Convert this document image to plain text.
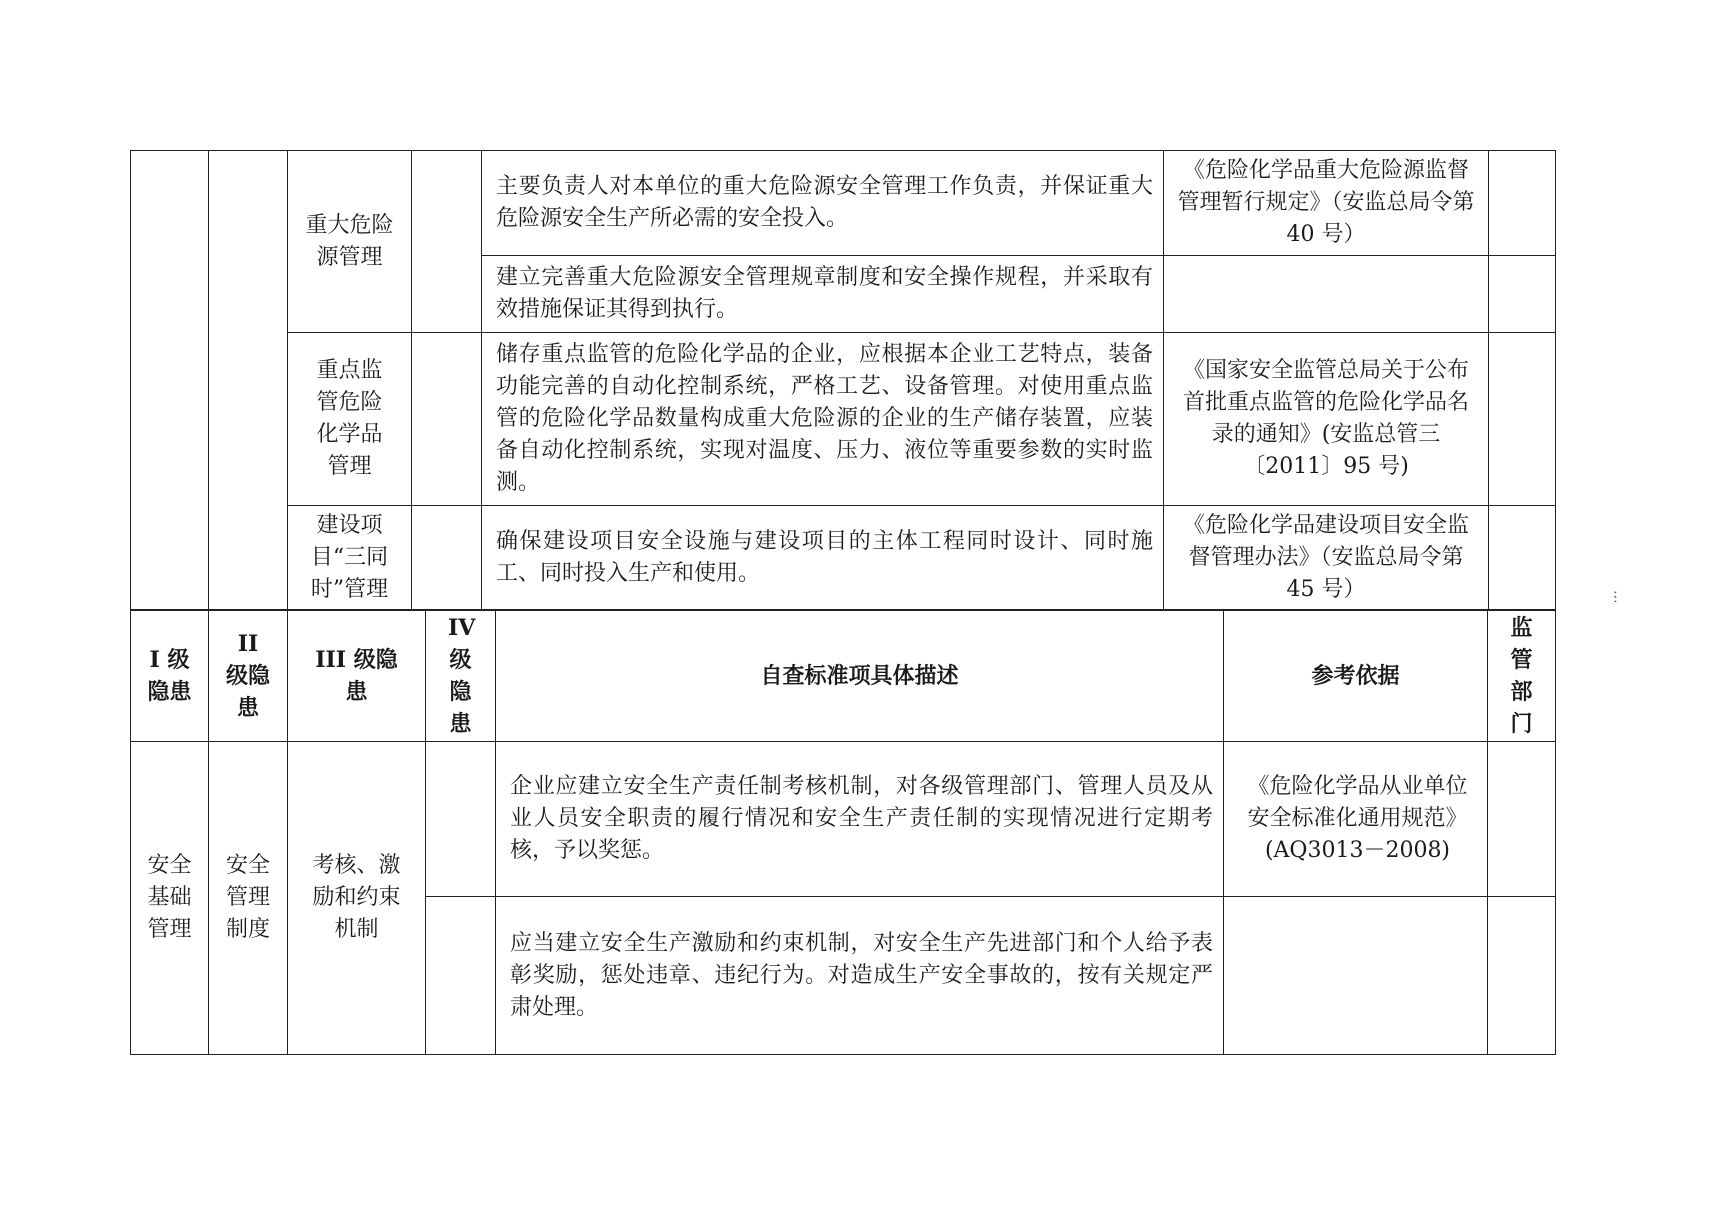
		重大危险源管理		主要负责人对本单位的重大危险源安全管理工作负责，并保证重大危险源安全生产所必需的安全投入。	《危险化学品重大危险源监督管理暂行规定》（安监总局令第 40 号）	
				建立完善重大危险源安全管理规章制度和安全操作规程，并采取有效措施保证其得到执行。		
		重点监管危险化学品管理		储存重点监管的危险化学品的企业，应根据本企业工艺特点，装备功能完善的自动化控制系统，严格工艺、设备管理。对使用重点监管的危险化学品数量构成重大危险源的企业的生产储存装置，应装备自动化控制系统，实现对温度、压力、液位等重要参数的实时监测。	《国家安全监管总局关于公布首批重点监管的危险化学品名录的通知》(安监总管三〔2011〕95 号)	
		建设项目“三同时”管理		确保建设项目安全设施与建设项目的主体工程同时设计、同时施工、同时投入生产和使用。	《危险化学品建设项目安全监督管理办法》（安监总局令第 45 号）	
I 级隐患	II 级隐患	III 级隐患	IV 级隐患	自查标准项具体描述	参考依据	监管部门
安全基础管理	安全管理制度	考核、激励和约束机制		企业应建立安全生产责任制考核机制，对各级管理部门、管理人员及从业人员安全职责的履行情况和安全生产责任制的实现情况进行定期考核，予以奖惩。	《危险化学品从业单位安全标准化通用规范》(AQ3013－2008)	
				应当建立安全生产激励和约束机制，对安全生产先进部门和个人给予表彰奖励，惩处违章、违纪行为。对造成生产安全事故的，按有关规定严肃处理。		
⋯
